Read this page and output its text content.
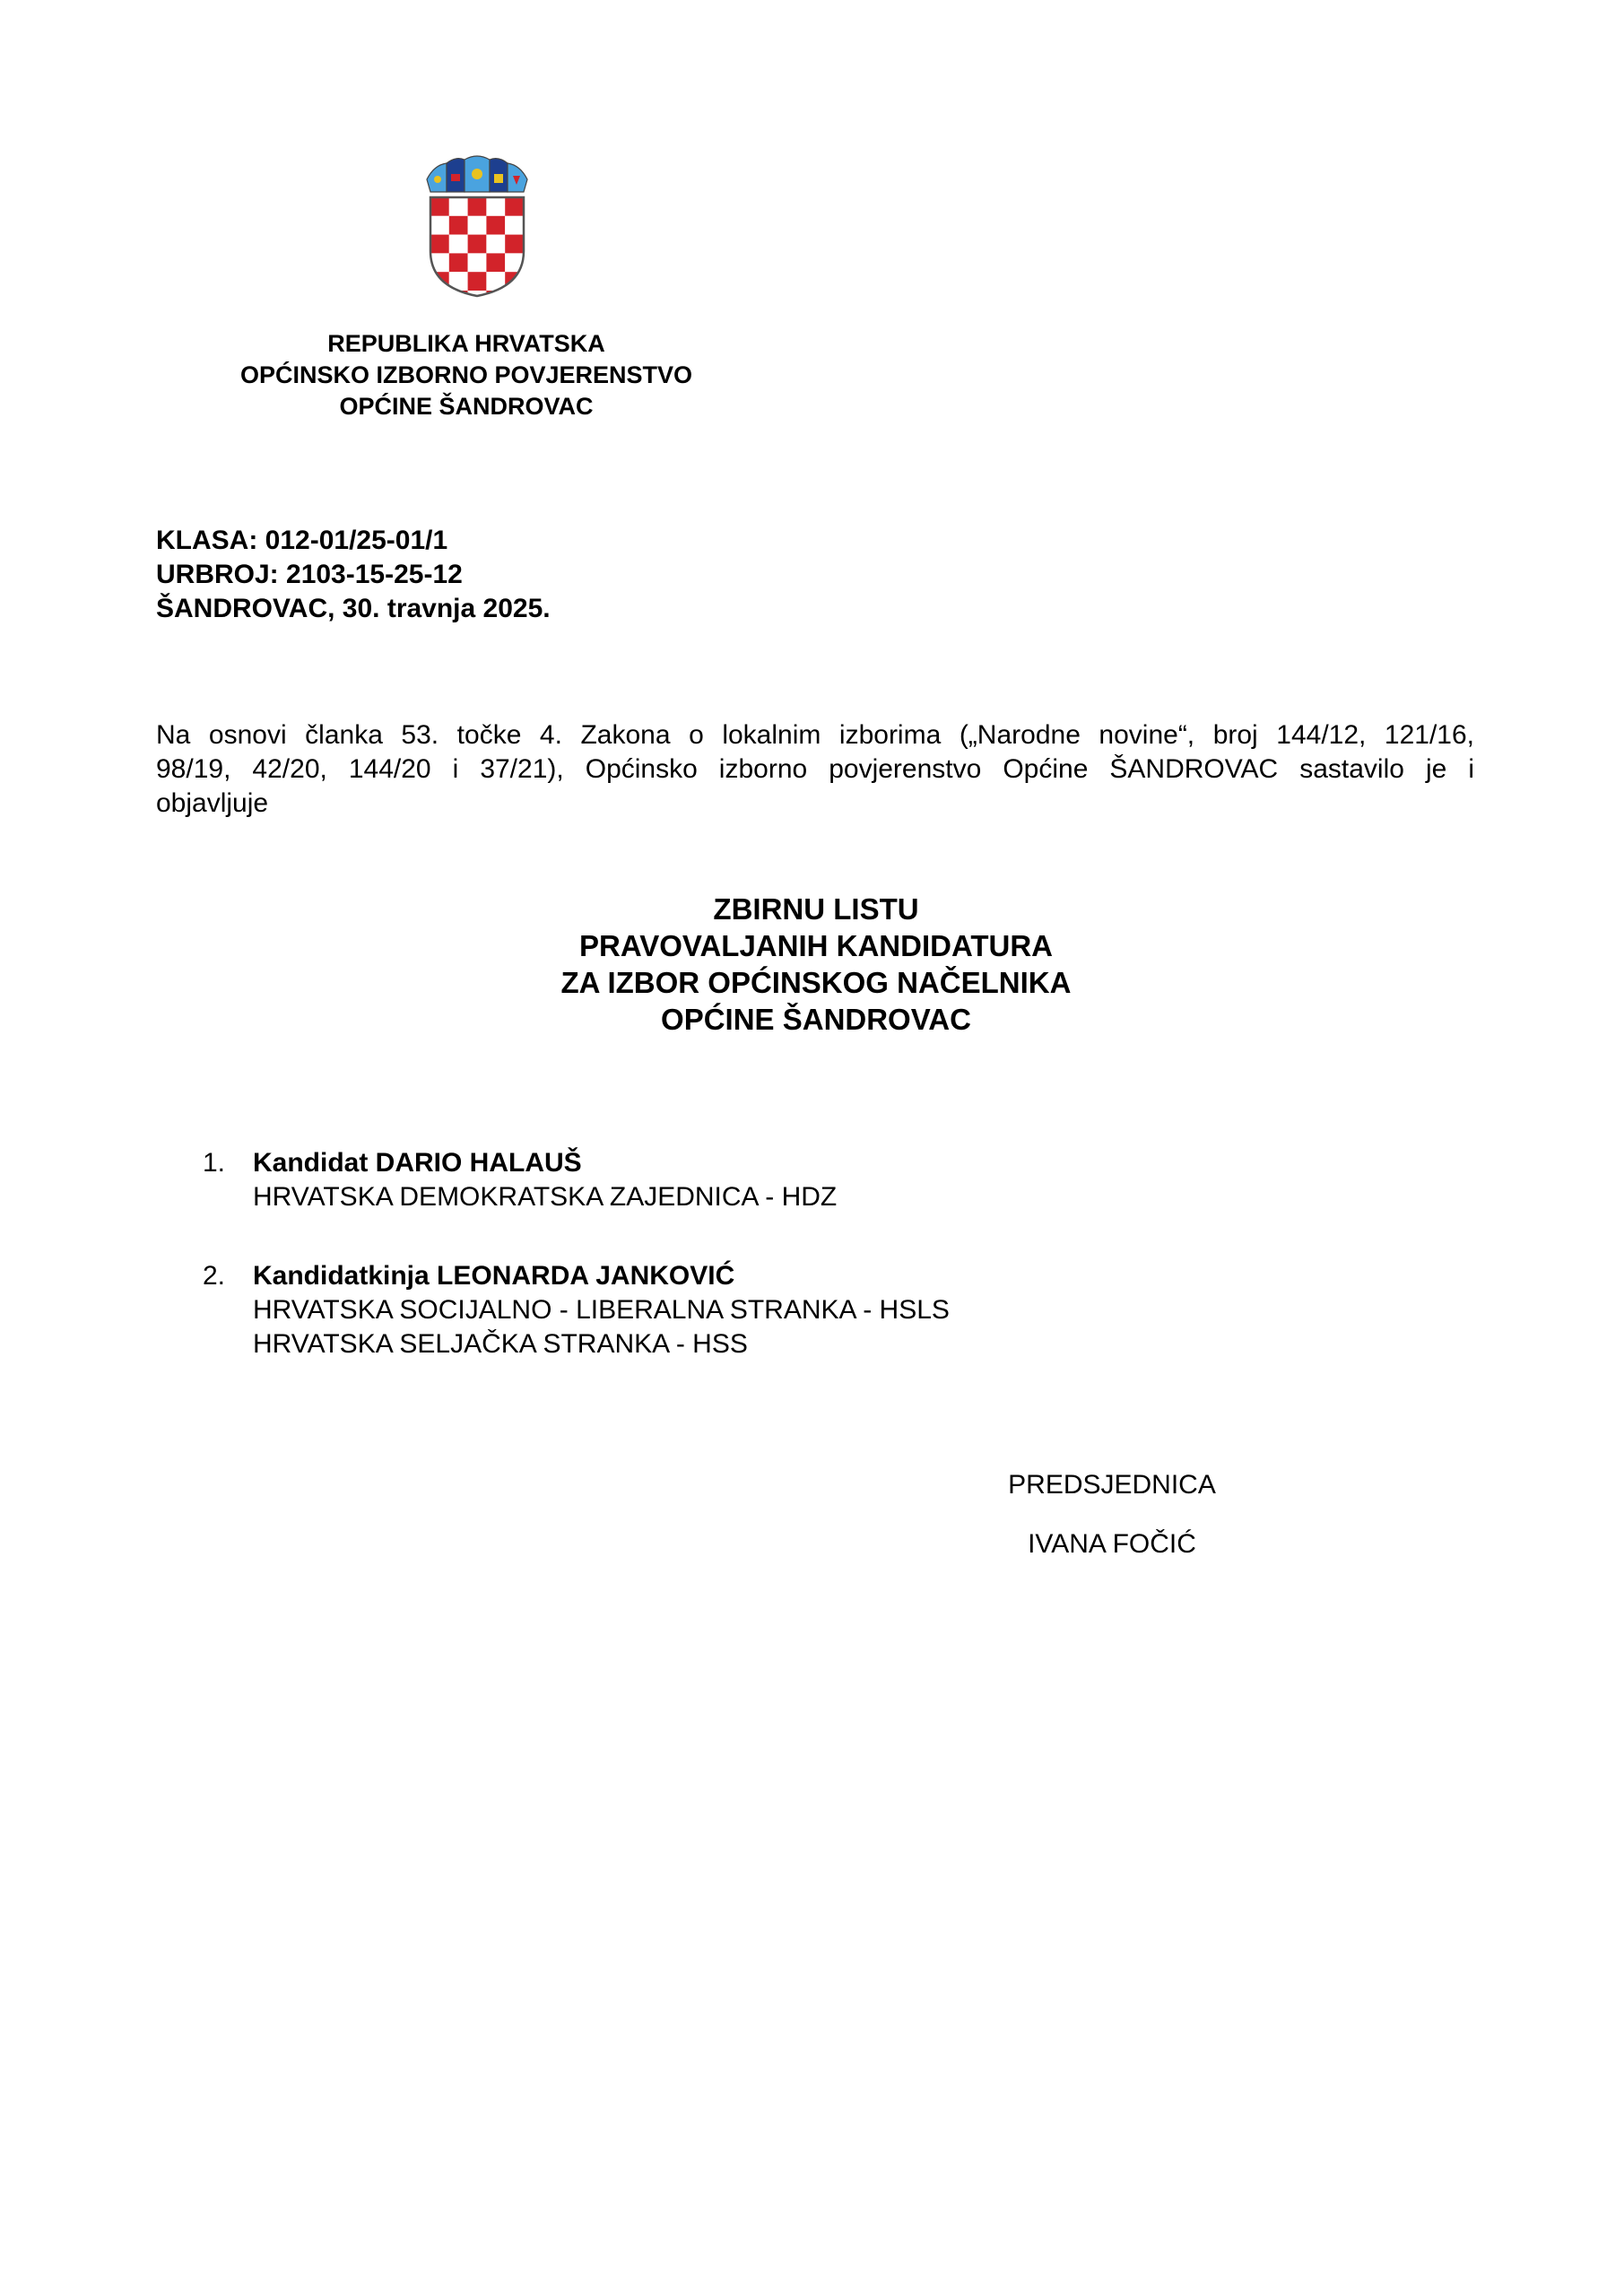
REPUBLIKA HRVATSKA
OPĆINSKO IZBORNO POVJERENSTVO
OPĆINE ŠANDROVAC
KLASA: 012-01/25-01/1
URBROJ: 2103-15-25-12
ŠANDROVAC, 30. travnja 2025.
Na osnovi članka 53. točke 4. Zakona o lokalnim izborima („Narodne novine“, broj 144/12, 121/16,
98/19, 42/20, 144/20 i 37/21), Općinsko izborno povjerenstvo Općine ŠANDROVAC sastavilo je i
objavljuje
ZBIRNU LISTU
PRAVOVALJANIH KANDIDATURA
ZA IZBOR OPĆINSKOG NAČELNIKA
OPĆINE ŠANDROVAC
1. Kandidat DARIO HALAUŠ
HRVATSKA DEMOKRATSKA ZAJEDNICA - HDZ
2. Kandidatkinja LEONARDA JANKOVIĆ
HRVATSKA SOCIJALNO - LIBERALNA STRANKA - HSLS
HRVATSKA SELJAČKA STRANKA - HSS
PREDSJEDNICA
IVANA FOČIĆ
